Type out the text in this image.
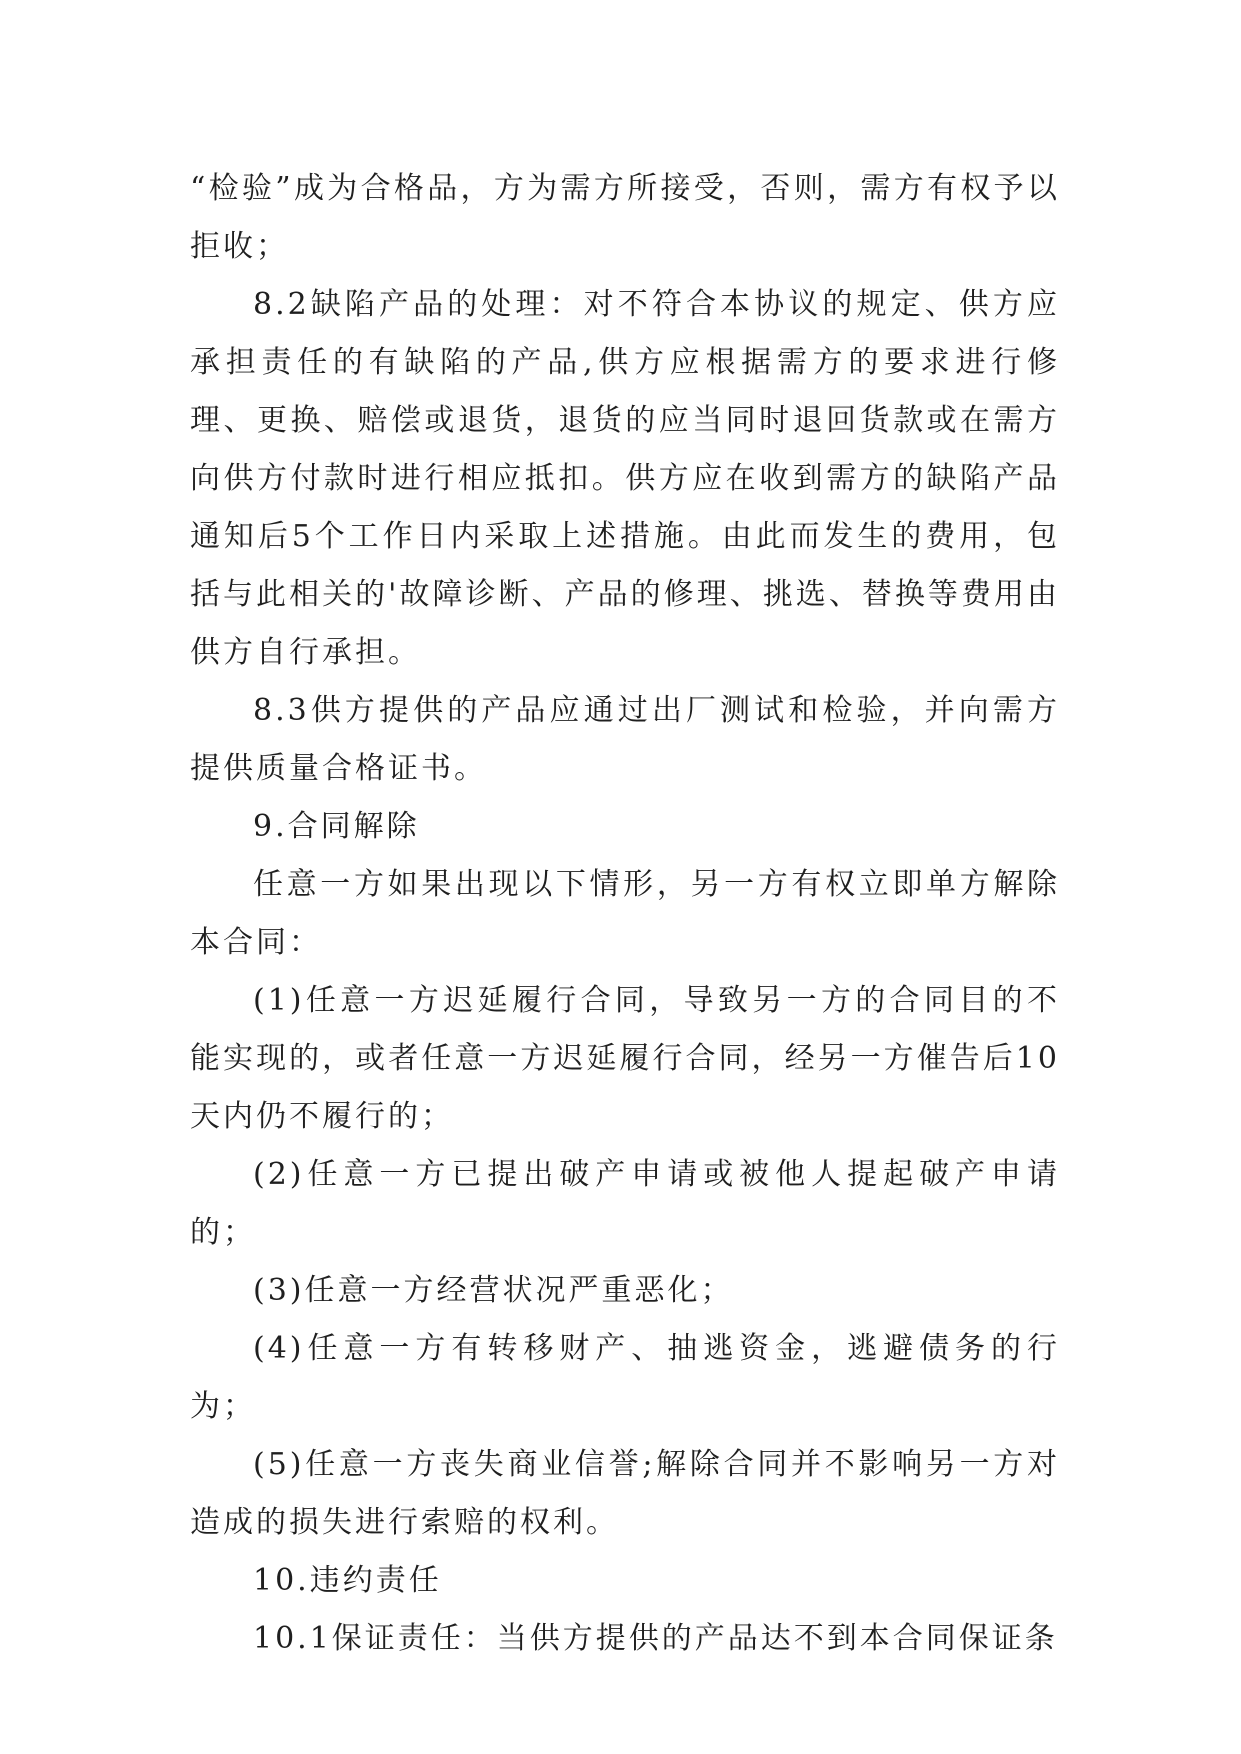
“检验”成为合格品，方为需方所接受，否则，需方有权予以拒收；

8.2缺陷产品的处理：对不符合本协议的规定、供方应承担责任的有缺陷的产品,供方应根据需方的要求进行修理、更换、赔偿或退货，退货的应当同时退回货款或在需方向供方付款时进行相应抵扣。供方应在收到需方的缺陷产品通知后5个工作日内采取上述措施。由此而发生的费用，包括与此相关的'故障诊断、产品的修理、挑选、替换等费用由供方自行承担。

8.3供方提供的产品应通过出厂测试和检验，并向需方提供质量合格证书。

9.合同解除

任意一方如果出现以下情形，另一方有权立即单方解除本合同：

(1)任意一方迟延履行合同，导致另一方的合同目的不能实现的，或者任意一方迟延履行合同，经另一方催告后10天内仍不履行的；

(2)任意一方已提出破产申请或被他人提起破产申请的；

(3)任意一方经营状况严重恶化；

(4)任意一方有转移财产、抽逃资金，逃避债务的行为；

(5)任意一方丧失商业信誉;解除合同并不影响另一方对造成的损失进行索赔的权利。

10.违约责任

10.1保证责任：当供方提供的产品达不到本合同保证条
